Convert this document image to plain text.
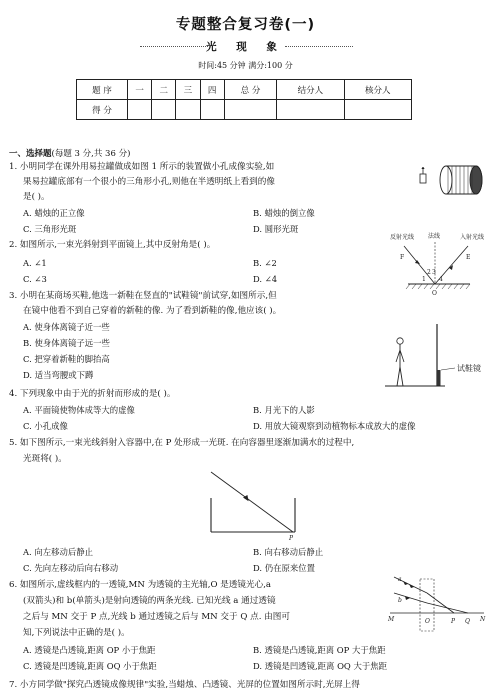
专题整合复习卷(一)
光 现 象
时间:45 分钟 满分:100 分
题 序	一	二	三	四	总 分	结分人	核分人
得 分							
一、选择题(每题 3 分,共 36 分)
1. 小明同学在课外用易拉罐做成如图 1 所示的装置做小孔成像实验,如
果易拉罐底部有一个很小的三角形小孔,则他在半透明纸上看到的像
是( )。
A. 蜡烛的正立像	B. 蜡烛的倒立像
C. 三角形光斑	D. 圆形光斑
2. 如图所示,一束光斜射到平面镜上,其中反射角是( )。
A. ∠1	B. ∠2
C. ∠3	D. ∠4
反射光线 法线	入射光线
F	E
2 3
1 4
O
3. 小明在某商场买鞋,他选一新鞋在竖直的"试鞋镜"前试穿,如图所示,但
在镜中他看不到自己穿着的新鞋的像. 为了看到新鞋的像,他应该( )。
A. 使身体离镜子近一些
B. 使身体离镜子远一些
C. 把穿着新鞋的脚抬高
D. 适当弯腰或下蹲
试鞋镜
4. 下列现象中由于光的折射而形成的是( )。
A. 平面镜使物体成等大的虚像	B. 月光下的人影
C. 小孔成像	D. 用放大镜观察到动植物标本成放大的虚像
5. 如下图所示,一束光线斜射入容器中,在 P 处形成一光斑. 在向容器里逐渐加满水的过程中,
光斑将( )。
P
A. 向左移动后静止	B. 向右移动后静止
C. 先向左移动后向右移动	D. 仍在原来位置
6. 如图所示,虚线框内的一透镜,MN 为透镜的主光轴,O 是透镜光心,a
(双箭头)和 b(单箭头)是射向透镜的两条光线. 已知光线 a 通过透镜
之后与 MN 交于 P 点,光线 b 通过透镜之后与 MN 交于 Q 点. 由图可
知,下列说法中正确的是( )。
a
b
M	P
O	Q N
A. 透镜是凸透镜,距离 OP 小于焦距	B. 透镜是凸透镜,距离 OP 大于焦距
C. 透镜是凹透镜,距离 OQ 小于焦距	D. 透镜是凹透镜,距离 OQ 大于焦距
7. 小方同学做"探究凸透镜成像规律"实验,当蜡烛、凸透镜、光屏的位置如图所示时,光屏上得
